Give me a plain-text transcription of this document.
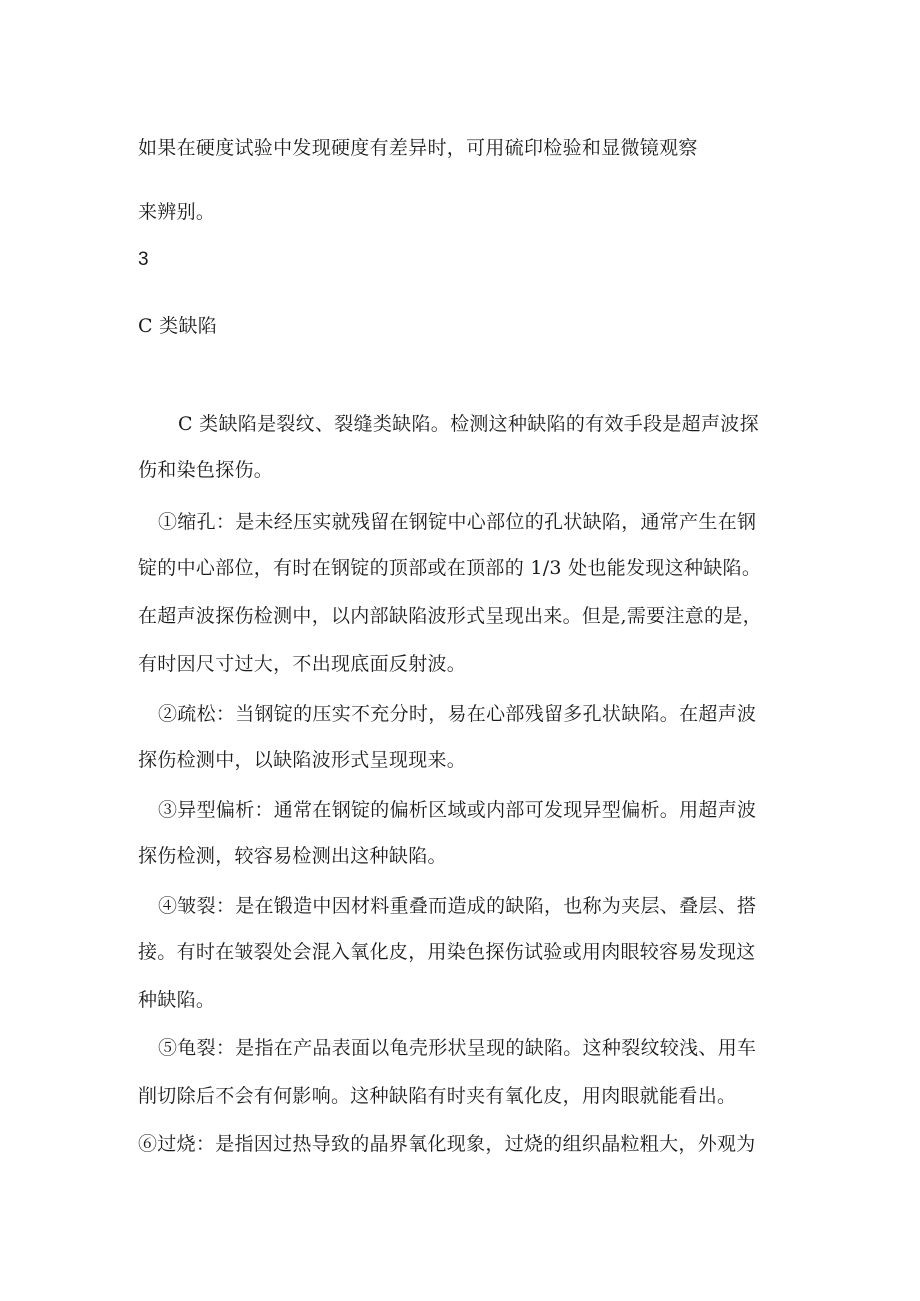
如果在硬度试验中发现硬度有差异时，可用硫印检验和显微镜观察
来辨别。
3
C 类缺陷
C 类缺陷是裂纹、裂缝类缺陷。检测这种缺陷的有效手段是超声波探
伤和染色探伤。
①缩孔：是未经压实就残留在钢锭中心部位的孔状缺陷，通常产生在钢
锭的中心部位，有时在钢锭的顶部或在顶部的 1/3 处也能发现这种缺陷。
在超声波探伤检测中，以内部缺陷波形式呈现出来。但是,需要注意的是，
有时因尺寸过大，不出现底面反射波。
②疏松：当钢锭的压实不充分时，易在心部残留多孔状缺陷。在超声波
探伤检测中，以缺陷波形式呈现现来。
③异型偏析：通常在钢锭的偏析区域或内部可发现异型偏析。用超声波
探伤检测，较容易检测出这种缺陷。
④皱裂：是在锻造中因材料重叠而造成的缺陷，也称为夹层、叠层、搭
接。有时在皱裂处会混入氧化皮，用染色探伤试验或用肉眼较容易发现这
种缺陷。
⑤龟裂：是指在产品表面以龟壳形状呈现的缺陷。这种裂纹较浅、用车
削切除后不会有何影响。这种缺陷有时夹有氧化皮，用肉眼就能看出。
⑥过烧：是指因过热导致的晶界氧化现象，过烧的组织晶粒粗大，外观为
